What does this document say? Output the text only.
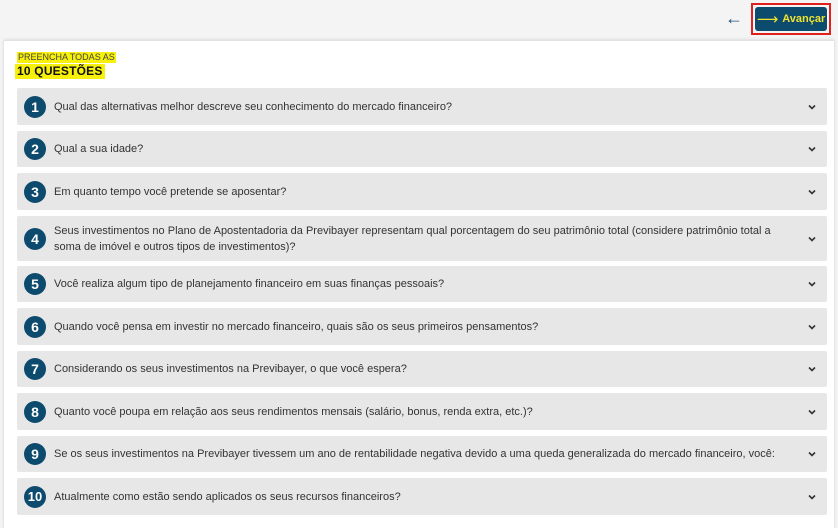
← ⟶ Avançar
PREENCHA TODAS AS
10 QUESTÕES
1	Qual das alternativas melhor descreve seu conhecimento do mercado financeiro?
2	Qual a sua idade?
3	Em quanto tempo você pretende se aposentar?
4	Seus investimentos no Plano de Apostentadoria da Previbayer representam qual porcentagem do seu patrimônio total (considere patrimônio total a soma de imóvel e outros tipos de investimentos)?
5	Você realiza algum tipo de planejamento financeiro em suas finanças pessoais?
6	Quando você pensa em investir no mercado financeiro, quais são os seus primeiros pensamentos?
7	Considerando os seus investimentos na Previbayer, o que você espera?
8	Quanto você poupa em relação aos seus rendimentos mensais (salário, bonus, renda extra, etc.)?
9	Se os seus investimentos na Previbayer tivessem um ano de rentabilidade negativa devido a uma queda generalizada do mercado financeiro, você:
10	Atualmente como estão sendo aplicados os seus recursos financeiros?
